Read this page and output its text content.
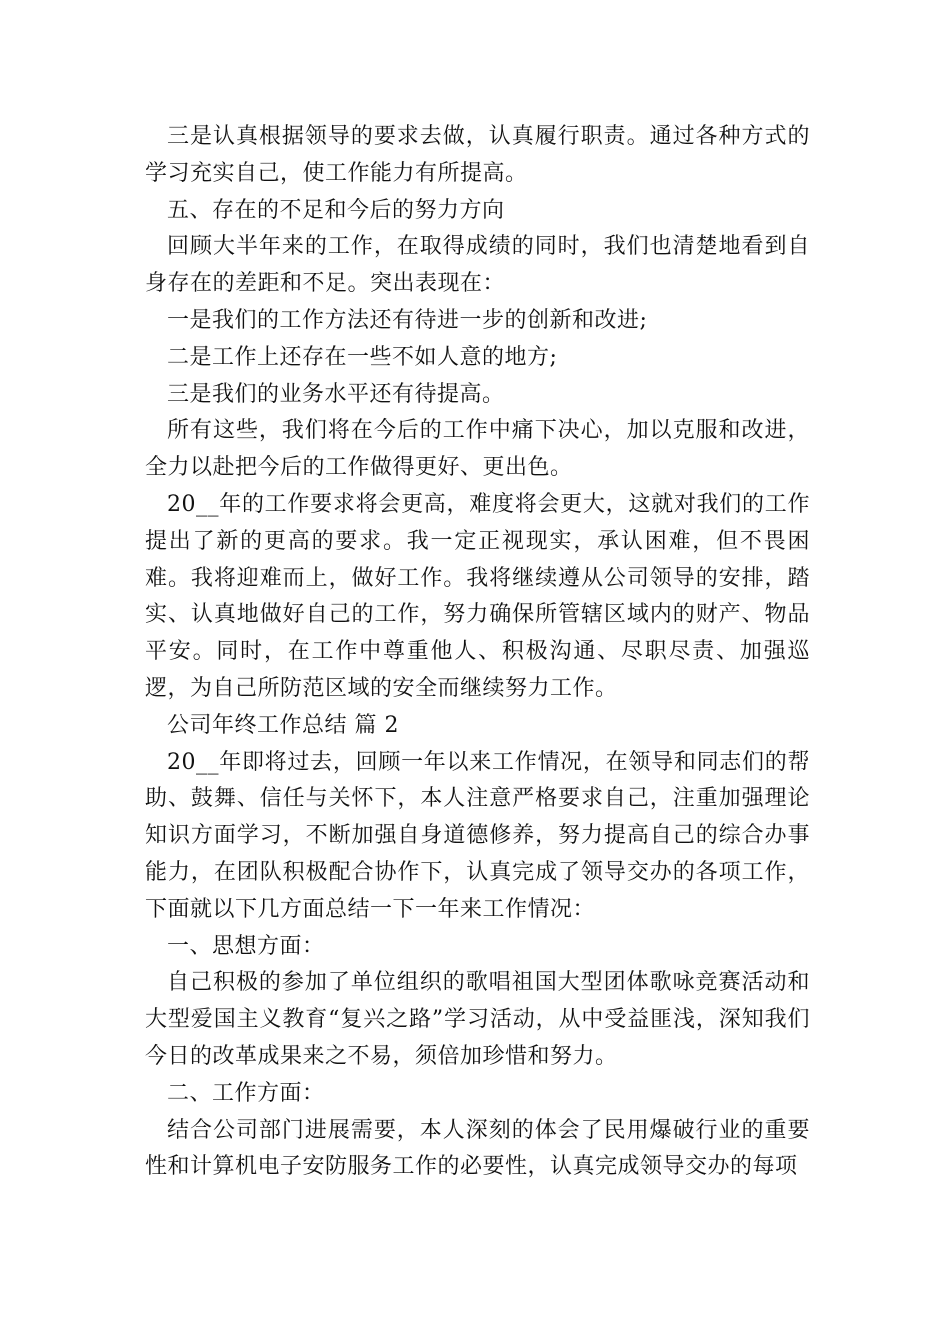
三是认真根据领导的要求去做，认真履行职责。通过各种方式的学习充实自己，使工作能力有所提高。

五、存在的不足和今后的努力方向

回顾大半年来的工作，在取得成绩的同时，我们也清楚地看到自身存在的差距和不足。突出表现在：

一是我们的工作方法还有待进一步的创新和改进;

二是工作上还存在一些不如人意的地方;

三是我们的业务水平还有待提高。

所有这些，我们将在今后的工作中痛下决心，加以克服和改进，全力以赴把今后的工作做得更好、更出色。

20__年的工作要求将会更高，难度将会更大，这就对我们的工作提出了新的更高的要求。我一定正视现实，承认困难，但不畏困难。我将迎难而上，做好工作。我将继续遵从公司领导的安排，踏实、认真地做好自己的工作，努力确保所管辖区域内的财产、物品平安。同时，在工作中尊重他人、积极沟通、尽职尽责、加强巡逻，为自己所防范区域的安全而继续努力工作。

公司年终工作总结 篇 2

20__年即将过去，回顾一年以来工作情况，在领导和同志们的帮助、鼓舞、信任与关怀下，本人注意严格要求自己，注重加强理论知识方面学习，不断加强自身道德修养，努力提高自己的综合办事能力，在团队积极配合协作下，认真完成了领导交办的各项工作，下面就以下几方面总结一下一年来工作情况：

一、思想方面：

自己积极的参加了单位组织的歌唱祖国大型团体歌咏竞赛活动和大型爱国主义教育“复兴之路”学习活动，从中受益匪浅，深知我们今日的改革成果来之不易，须倍加珍惜和努力。

二、工作方面：

结合公司部门进展需要，本人深刻的体会了民用爆破行业的重要性和计算机电子安防服务工作的必要性，认真完成领导交办的每项
